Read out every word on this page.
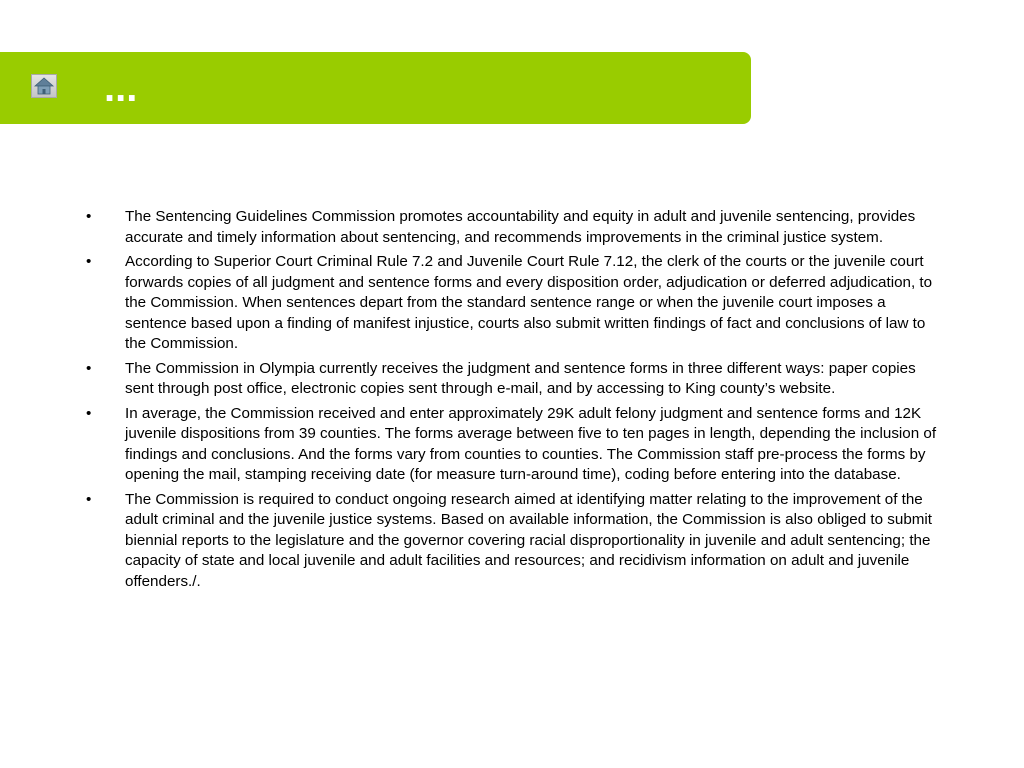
...
• The Sentencing Guidelines Commission promotes accountability and equity in adult and juvenile sentencing, provides accurate and timely information about sentencing, and recommends improvements in the criminal justice system.
• According to Superior Court Criminal Rule 7.2 and Juvenile Court Rule 7.12, the clerk of the courts or the juvenile court forwards copies of all judgment and sentence forms and every disposition order, adjudication or deferred adjudication, to the Commission. When sentences depart from the standard sentence range or when the juvenile court imposes a sentence based upon a finding of manifest injustice, courts also submit written findings of fact and conclusions of law to the Commission.
• The Commission in Olympia currently receives the judgment and sentence forms in three different ways: paper copies sent through post office, electronic copies sent through e-mail, and by accessing to King county’s website.
• In average, the Commission received and enter approximately 29K adult felony judgment and sentence forms and 12K juvenile dispositions from 39 counties. The forms average between five to ten pages in length, depending the inclusion of findings and conclusions. And the forms vary from counties to counties. The Commission staff pre-process the forms by opening the mail, stamping receiving date (for measure turn-around time), coding before entering into the database.
• The Commission is required to conduct ongoing research aimed at identifying matter relating to the improvement of the adult criminal and the juvenile justice systems. Based on available information, the Commission is also obliged to submit biennial reports to the legislature and the governor covering racial disproportionality in juvenile and adult sentencing; the capacity of state and local juvenile and adult facilities and resources; and recidivism information on adult and juvenile offenders./.
